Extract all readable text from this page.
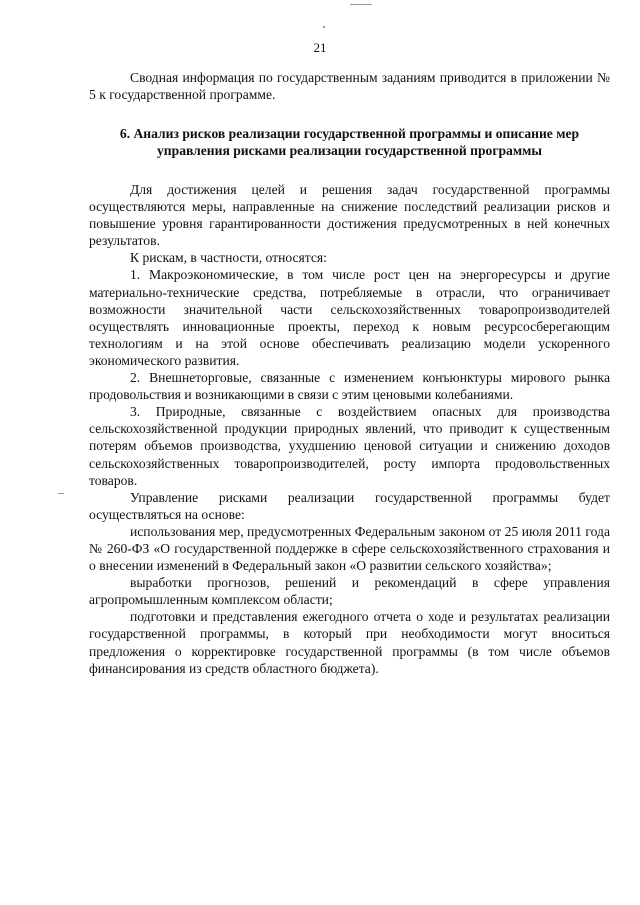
21

Сводная информация по государственным заданиям приводится в приложении № 5 к государственной программе.

6. Анализ рисков реализации государственной программы и описание мер
управления рисками реализации государственной программы

Для достижения целей и решения задач государственной программы осуществляются меры, направленные на снижение последствий реализации рисков и повышение уровня гарантированности достижения предусмотренных в ней конечных результатов.

К рискам, в частности, относятся:

1. Макроэкономические, в том числе рост цен на энергоресурсы и другие материально-технические средства, потребляемые в отрасли, что ограничивает возможности значительной части сельскохозяйственных товаропроизводителей осуществлять инновационные проекты, переход к новым ресурсосберегающим технологиям и на этой основе обеспечивать реализацию модели ускоренного экономического развития.

2. Внешнеторговые, связанные с изменением конъюнктуры мирового рынка продовольствия и возникающими в связи с этим ценовыми колебаниями.

3. Природные, связанные с воздействием опасных для производства сельскохозяйственной продукции природных явлений, что приводит к существенным потерям объемов производства, ухудшению ценовой ситуации и снижению доходов сельскохозяйственных товаропроизводителей, росту импорта продовольственных товаров.

Управление рисками реализации государственной программы будет осуществляться на основе:

использования мер, предусмотренных Федеральным законом от 25 июля 2011 года № 260-ФЗ «О государственной поддержке в сфере сельскохозяйственного страхования и о внесении изменений в Федеральный закон «О развитии сельского хозяйства»;

выработки прогнозов, решений и рекомендаций в сфере управления агропромышленным комплексом области;

подготовки и представления ежегодного отчета о ходе и результатах реализации государственной программы, в который при необходимости могут вноситься предложения о корректировке государственной программы (в том числе объемов финансирования из средств областного бюджета).
